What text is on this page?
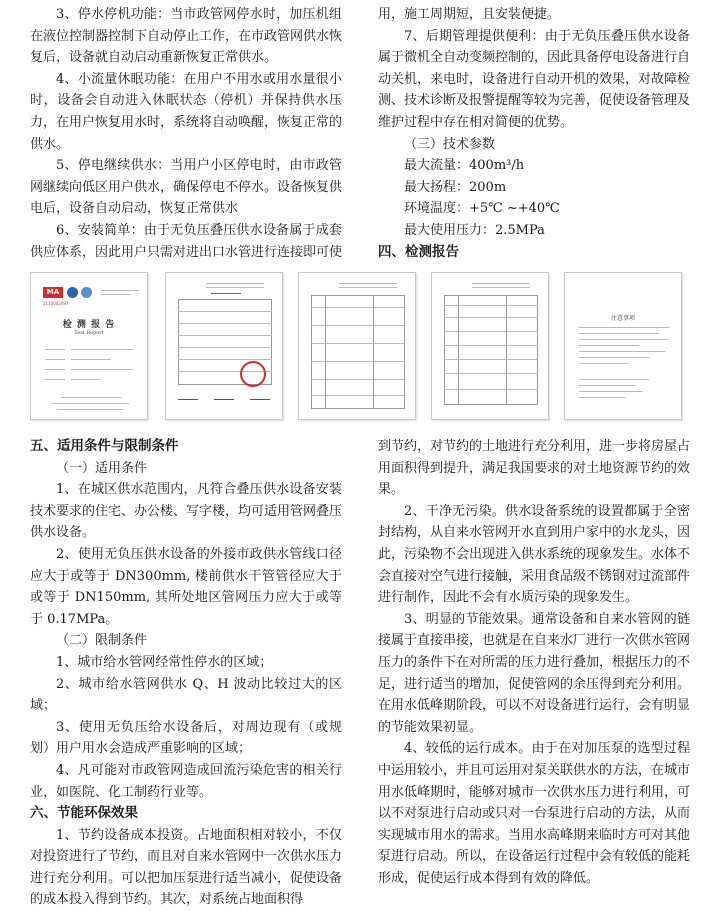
3、停水停机功能：当市政管网停水时，加压机组在液位控制器控制下自动停止工作，在市政管网供水恢复后，设备就自动启动重新恢复正常供水。

4、小流量休眠功能：在用户不用水或用水量很小时，设备会自动进入休眠状态（停机）并保持供水压力，在用户恢复用水时，系统将自动唤醒，恢复正常的供水。

5、停电继续供水：当用户小区停电时，由市政管网继续向低区用户供水，确保停电不停水。设备恢复供电后，设备自动启动，恢复正常供水

6、安装简单：由于无负压叠压供水设备属于成套供应体系，因此用户只需对进出口水管进行连接即可使

用，施工周期短，且安装便捷。

7、后期管理提供便利：由于无负压叠压供水设备属于微机全自动变频控制的，因此具备停电设备进行自动关机，来电时，设备进行自动开机的效果，对故障检测、技术诊断及报警提醒等较为完善，促使设备管理及维护过程中存在相对简便的优势。

（三）技术参数

最大流量：400m³/h

最大扬程：200m

环境温度：+5℃ ~+40℃

最大使用压力：2.5MPa

四、检测报告

MA
2110002097
检 测 报 告
Test Report
注意事项

五、适用条件与限制条件

（一）适用条件

1、在城区供水范围内，凡符合叠压供水设备安装技术要求的住宅、办公楼、写字楼，均可适用管网叠压供水设备。

2、使用无负压供水设备的外接市政供水管线口径应大于或等于 DN300mm, 楼前供水干管管径应大于或等于 DN150mm, 其所处地区管网压力应大于或等于 0.17MPa。

（二）限制条件

1、城市给水管网经常性停水的区域；

2、城市给水管网供水 Q、H 波动比较过大的区域；

3、使用无负压给水设备后，对周边现有（或规划）用户用水会造成严重影响的区域；

4、凡可能对市政管网造成回流污染危害的相关行业，如医院、化工制药行业等。

六、节能环保效果

1、节约设备成本投资。占地面积相对较小，不仅对投资进行了节约，而且对自来水管网中一次供水压力进行充分利用。可以把加压泵进行适当减小，促使设备的成本投入得到节约。其次，对系统占地面积得

到节约，对节约的土地进行充分利用，进一步将房屋占用面积得到提升，满足我国要求的对土地资源节约的效果。

2、干净无污染。供水设备系统的设置都属于全密封结构，从自来水管网开水直到用户家中的水龙头，因此，污染物不会出现进入供水系统的现象发生。水体不会直接对空气进行接触，采用食品级不锈钢对过流部件进行制作，因此不会有水质污染的现象发生。

3、明显的节能效果。通常设备和自来水管网的链接属于直接串接，也就是在自来水厂进行一次供水管网压力的条件下在对所需的压力进行叠加，根据压力的不足，进行适当的增加，促使管网的余压得到充分利用。在用水低峰期阶段，可以不对设备进行运行，会有明显的节能效果初显。

4、较低的运行成本。由于在对加压泵的选型过程中运用较小，并且可运用对泵关联供水的方法，在城市用水低峰期时，能够对城市一次供水压力进行利用，可以不对泵进行启动或只对一台泵进行启动的方法，从而实现城市用水的需求。当用水高峰期来临时方可对其他泵进行启动。所以，在设备运行过程中会有较低的能耗形成，促使运行成本得到有效的降低。
